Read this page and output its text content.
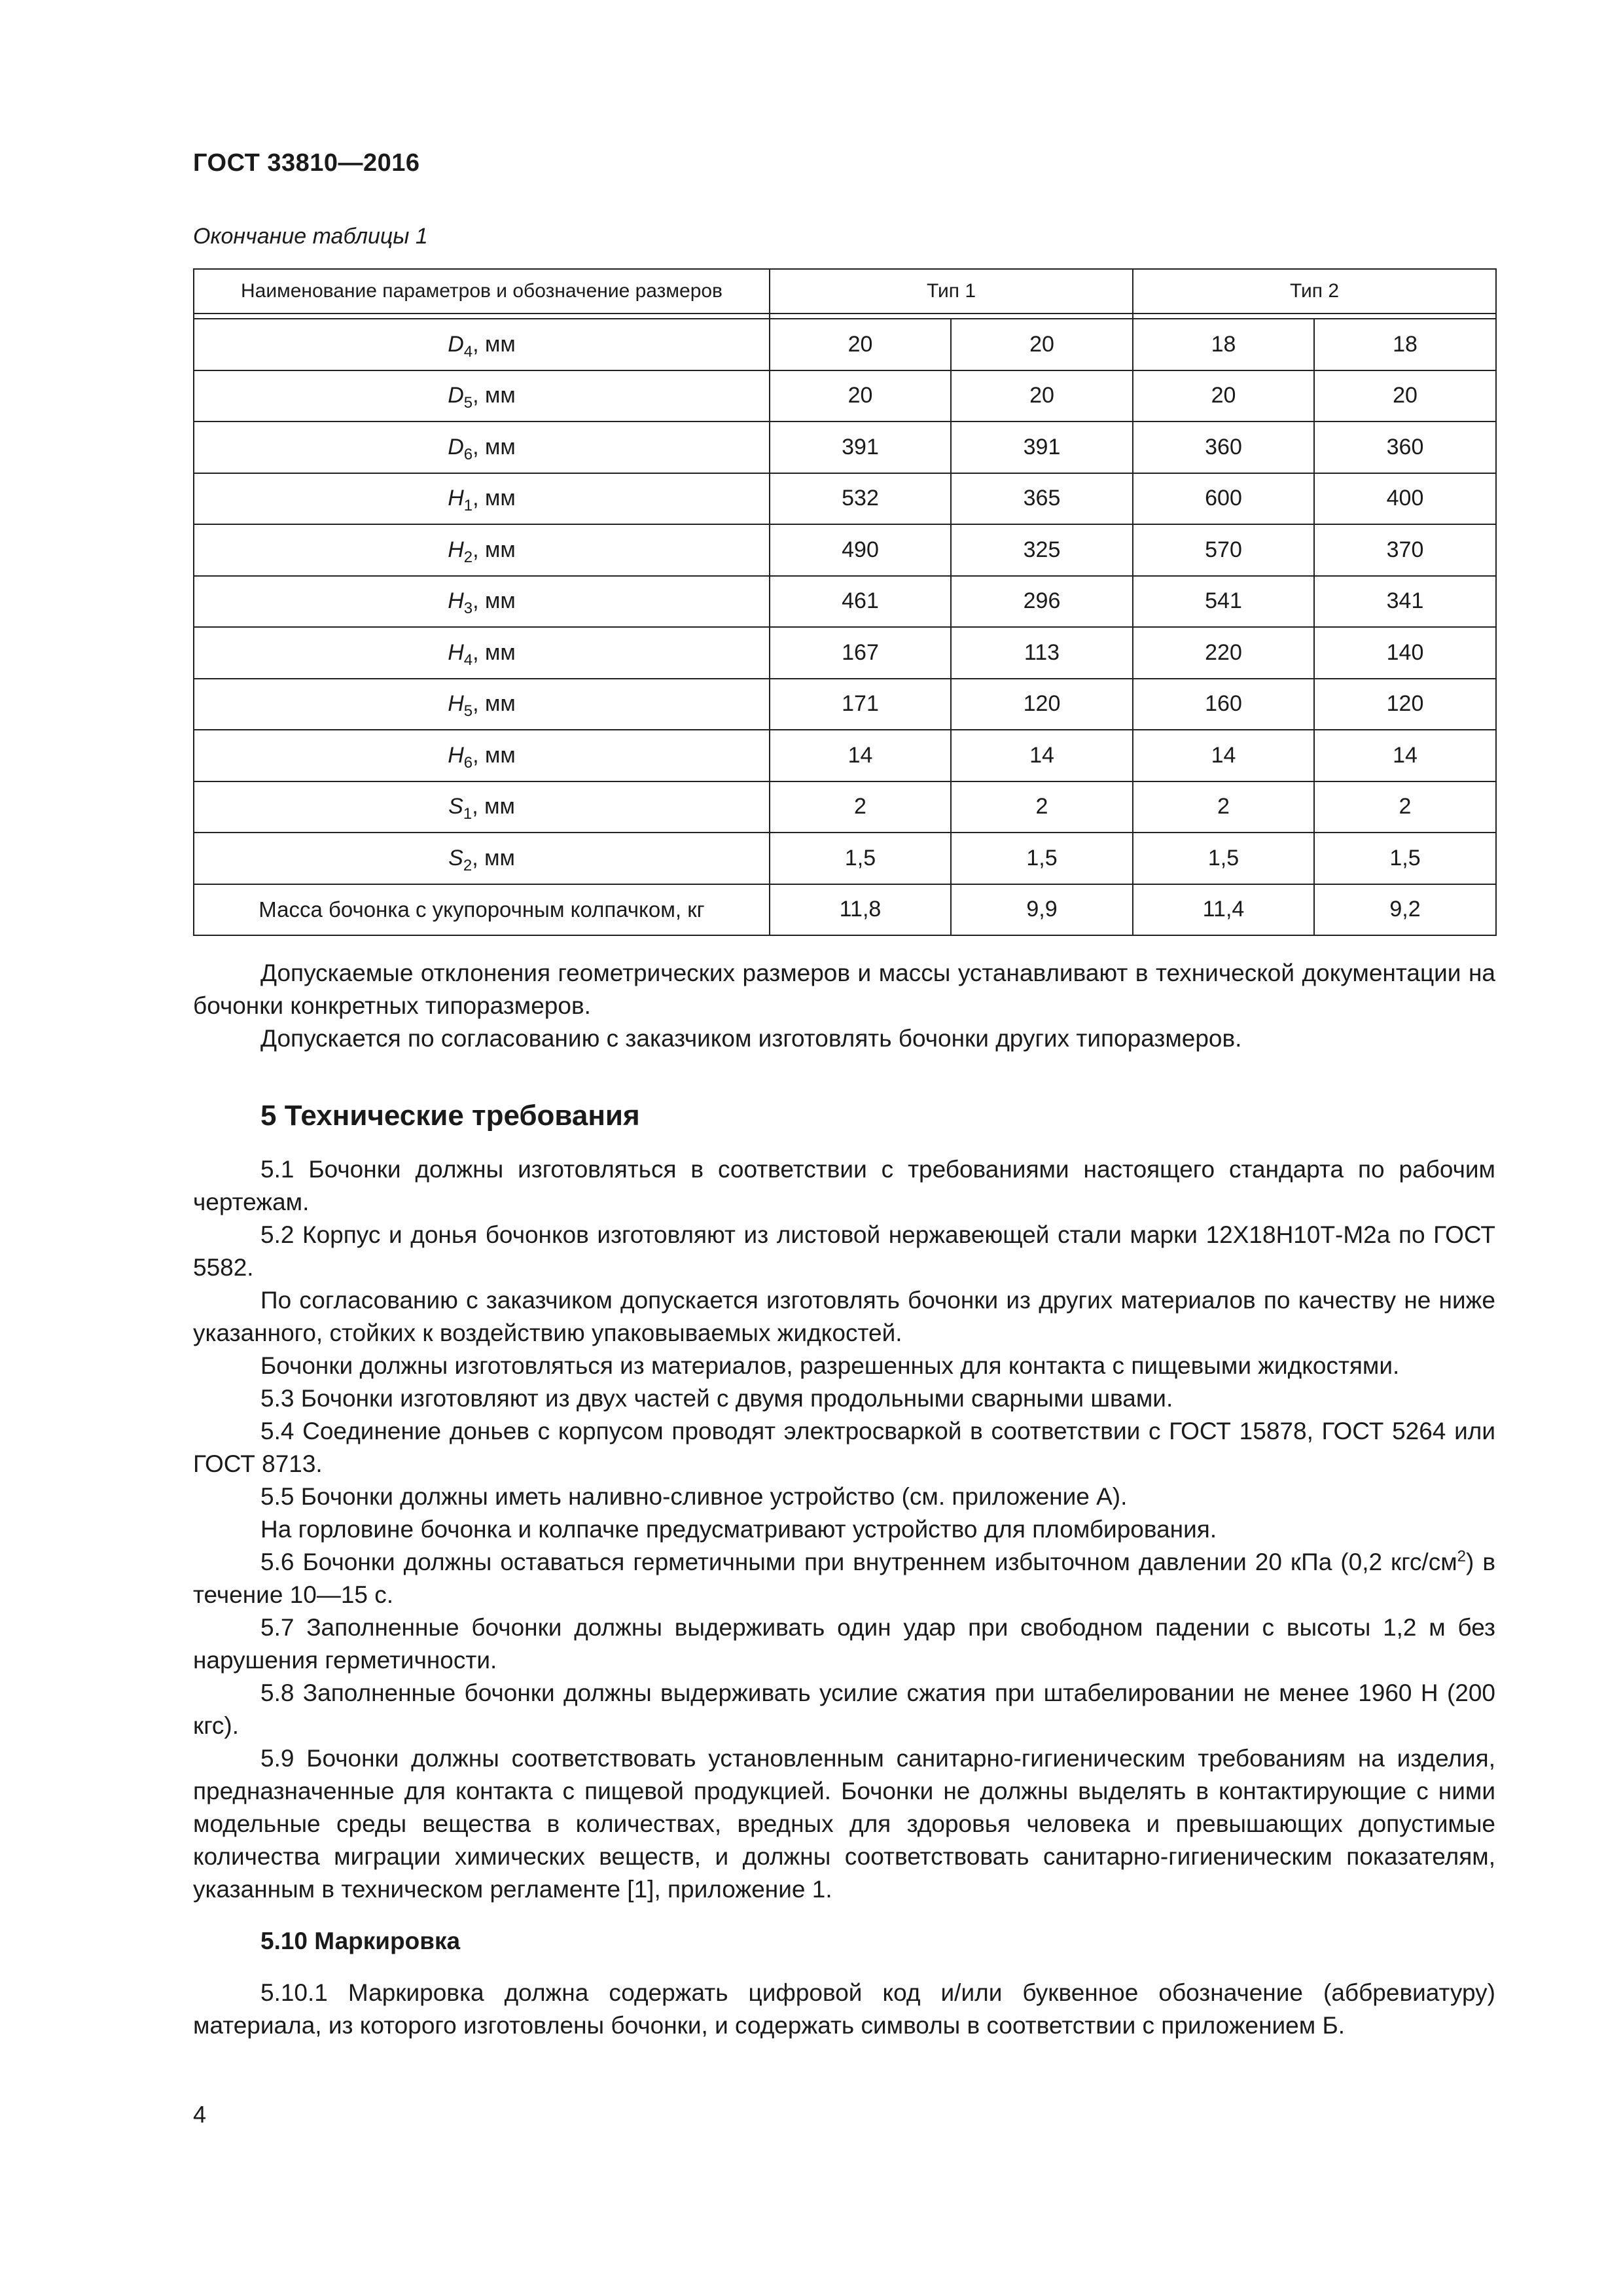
ГОСТ 33810—2016
Окончание таблицы 1
Наименование параметров и обозначение размеров	Тип 1		Тип 2	

$D_4$, мм	20	20	18	18
$D_5$, мм	20	20	20	20
$D_6$, мм	391	391	360	360
$H_1$, мм	532	365	600	400
$H_2$, мм	490	325	570	370
$H_3$, мм	461	296	541	341
$H_4$, мм	167	113	220	140
$H_5$, мм	171	120	160	120
$H_6$, мм	14	14	14	14
$S_1$, мм	2	2	2	2
$S_2$, мм	1,5	1,5	1,5	1,5
Масса бочонка с укупорочным колпачком, кг	11,8	9,9	11,4	9,2

Допускаемые отклонения геометрических размеров и массы устанавливают в технической документации на бочонки конкретных типоразмеров.

Допускается по согласованию с заказчиком изготовлять бочонки других типоразмеров.

5 Технические требования

5.1 Бочонки должны изготовляться в соответствии с требованиями настоящего стандарта по рабочим чертежам.

5.2 Корпус и донья бочонков изготовляют из листовой нержавеющей стали марки 12Х18Н10Т-М2а по ГОСТ 5582.

По согласованию с заказчиком допускается изготовлять бочонки из других материалов по качеству не ниже указанного, стойких к воздействию упаковываемых жидкостей.

Бочонки должны изготовляться из материалов, разрешенных для контакта с пищевыми жидкостями.

5.3 Бочонки изготовляют из двух частей с двумя продольными сварными швами.

5.4 Соединение доньев с корпусом проводят электросваркой в соответствии с ГОСТ 15878, ГОСТ 5264 или ГОСТ 8713.

5.5 Бочонки должны иметь наливно-сливное устройство (см. приложение А).

На горловине бочонка и колпачке предусматривают устройство для пломбирования.

5.6 Бочонки должны оставаться герметичными при внутреннем избыточном давлении 20 кПа (0,2 кгс/$см^2$) в течение 10—15 с.

5.7 Заполненные бочонки должны выдерживать один удар при свободном падении с высоты 1,2 м без нарушения герметичности.

5.8 Заполненные бочонки должны выдерживать усилие сжатия при штабелировании не менее 1960 Н (200 кгс).

5.9 Бочонки должны соответствовать установленным санитарно-гигиеническим требованиям на изделия, предназначенные для контакта с пищевой продукцией. Бочонки не должны выделять в контактирующие с ними модельные среды вещества в количествах, вредных для здоровья человека и превышающих допустимые количества миграции химических веществ, и должны соответствовать санитарно-гигиеническим показателям, указанным в техническом регламенте [1], приложение 1.

5.10 Маркировка

5.10.1 Маркировка должна содержать цифровой код и/или буквенное обозначение (аббревиатуру) материала, из которого изготовлены бочонки, и содержать символы в соответствии с приложением Б.

4
